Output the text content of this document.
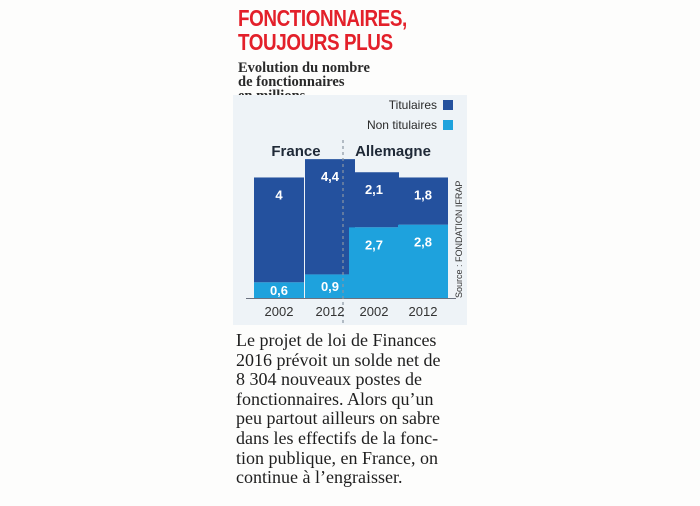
FONCTIONNAIRES,
TOUJOURS PLUS
Evolution du nombre
de fonctionnaires
Titulaires
Non titulaires
0,6
4
0,9
4,4
2,7
2,1
2,8
1,8
2002 2012 2002 2012
France Allemagne
Source : FONDATION IFRAP
Le projet de loi de Finances
2016 prévoit un solde net de
8 304 nouveaux postes de
fonctionnaires. Alors qu’un
peu partout ailleurs on sabre
dans les effectifs de la fonc-
tion publique, en France, on
continue à l’engraisser.
